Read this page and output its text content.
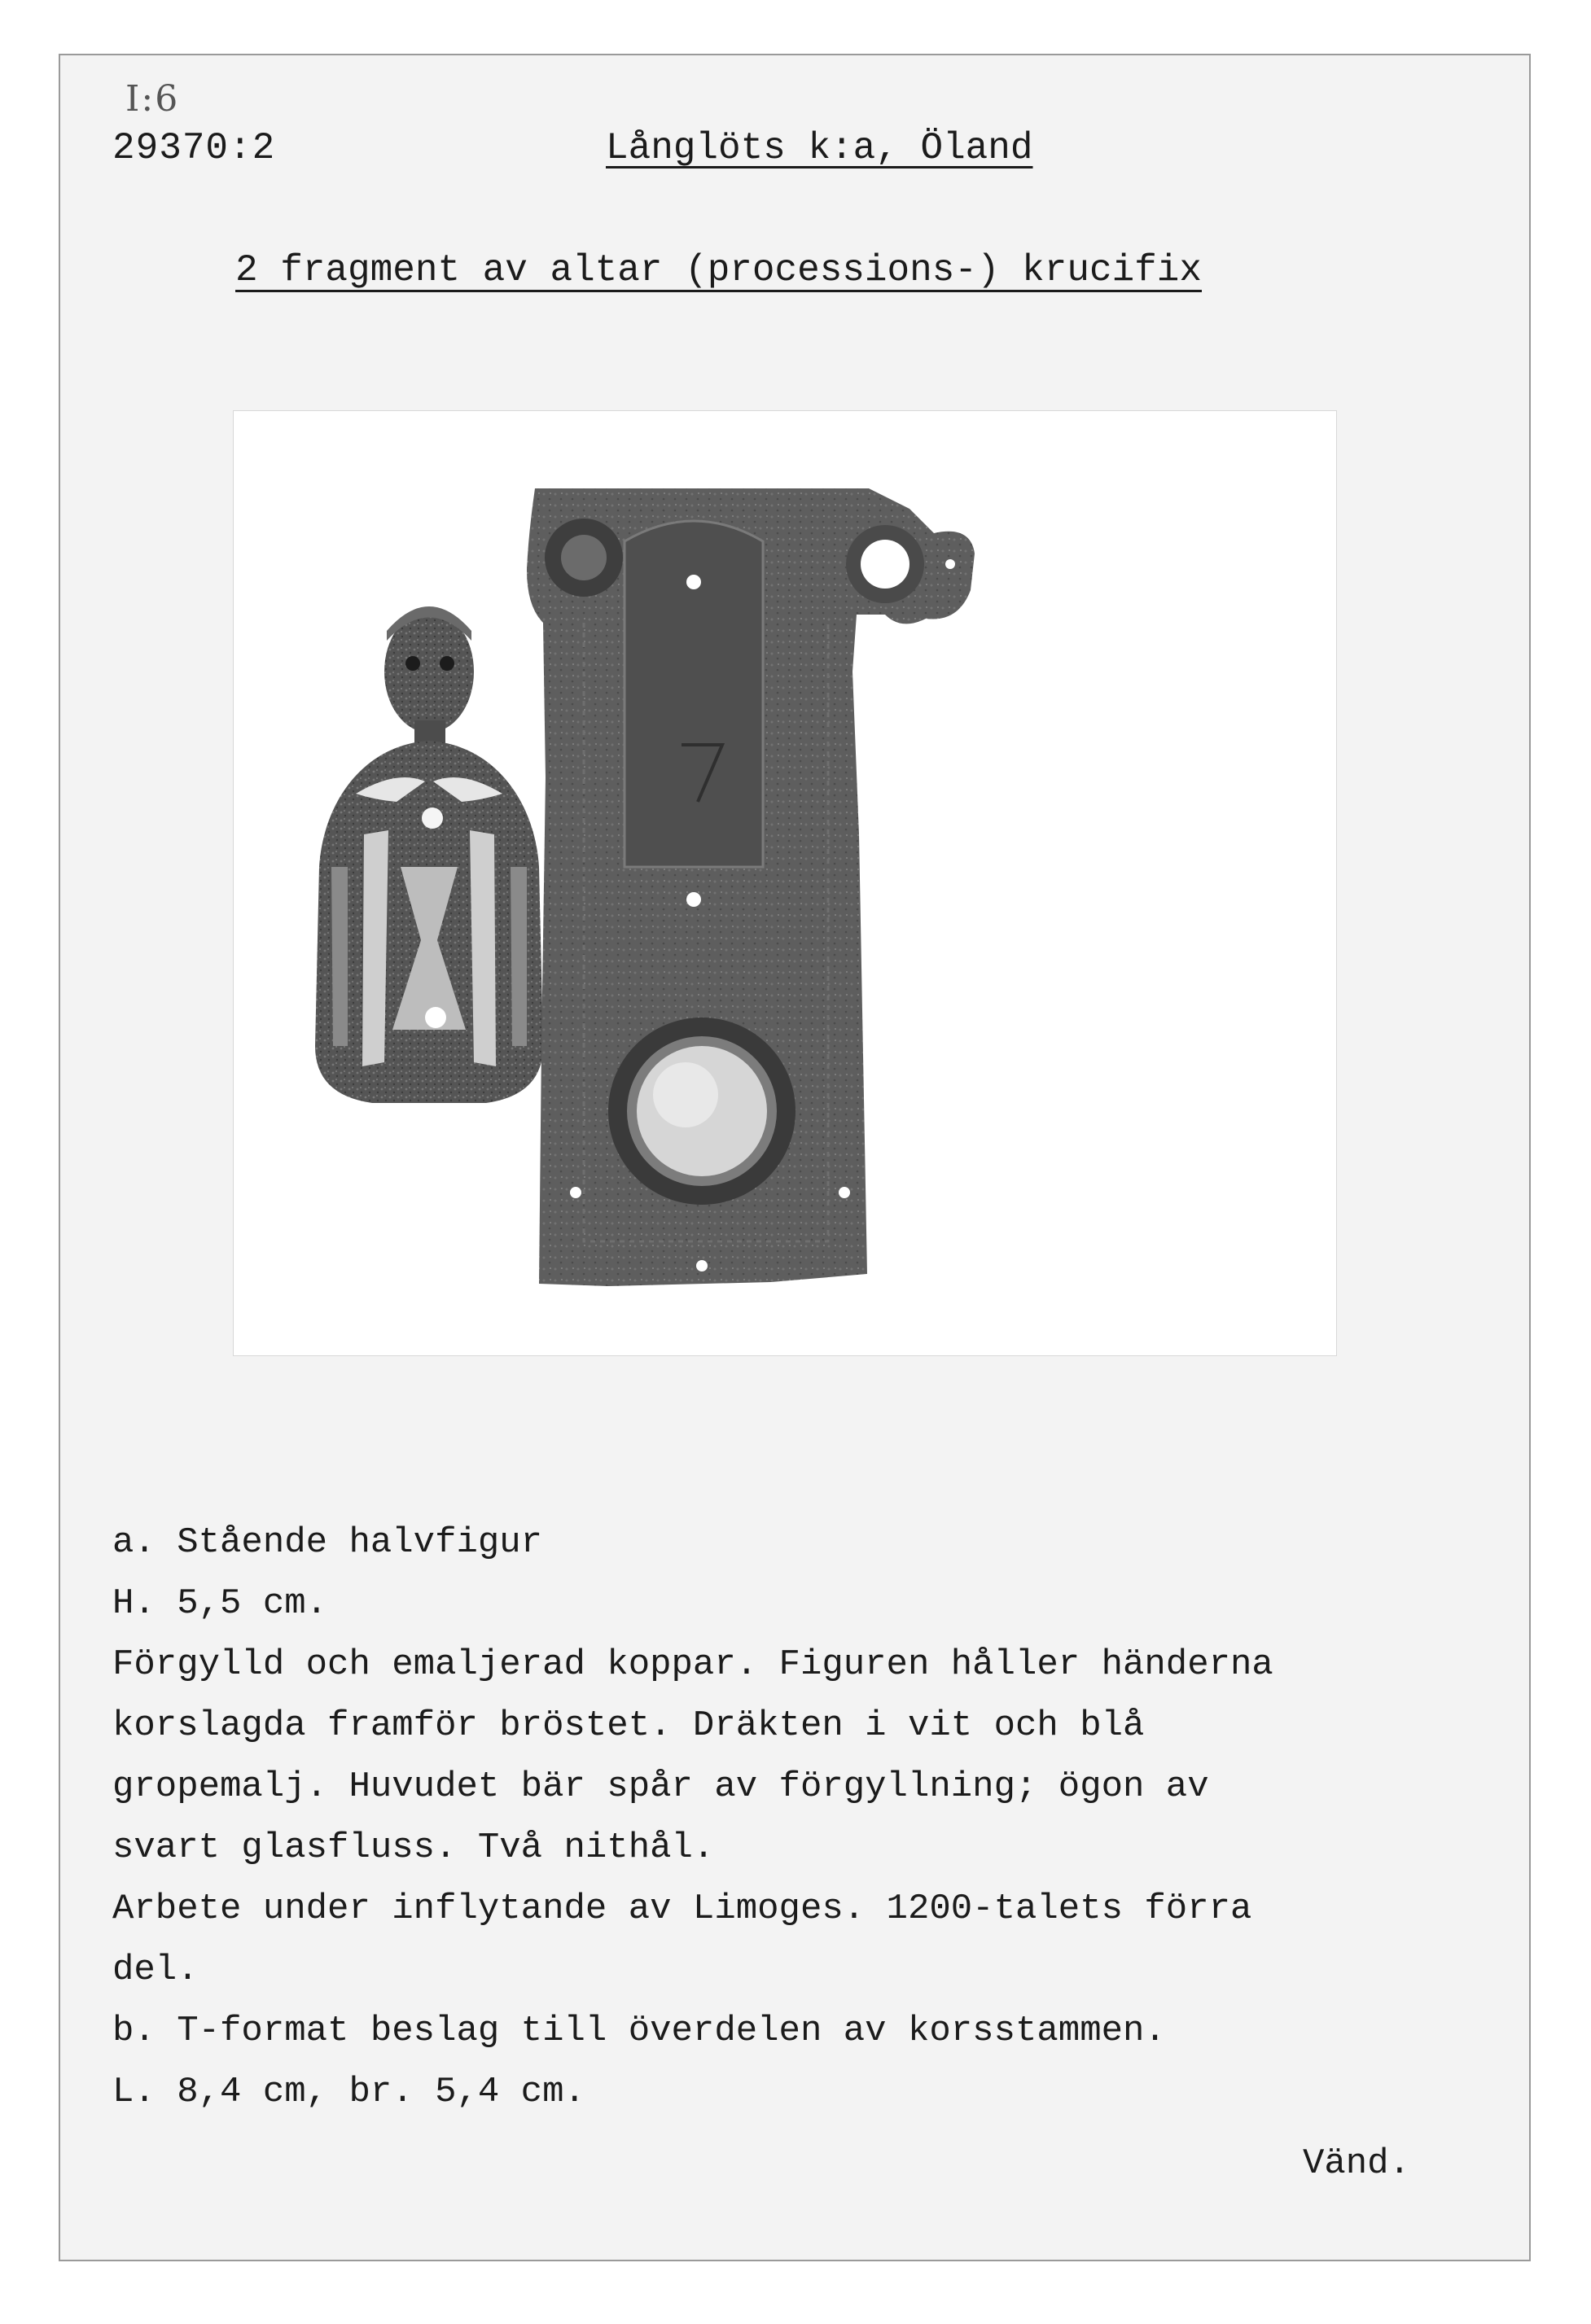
I:6
29370:2	Långlöts k:a, Öland
2 fragment av altar (processions-) krucifix
a. Stående halvfigur
H. 5,5 cm.
Förgylld och emaljerad koppar. Figuren håller händerna
korslagda framför bröstet. Dräkten i vit och blå
gropemalj. Huvudet bär spår av förgyllning; ögon av
svart glasfluss. Två nithål.
Arbete under inflytande av Limoges. 1200-talets förra
del.
b. T-format beslag till överdelen av korsstammen.
L. 8,4 cm, br. 5,4 cm.
Vänd.
